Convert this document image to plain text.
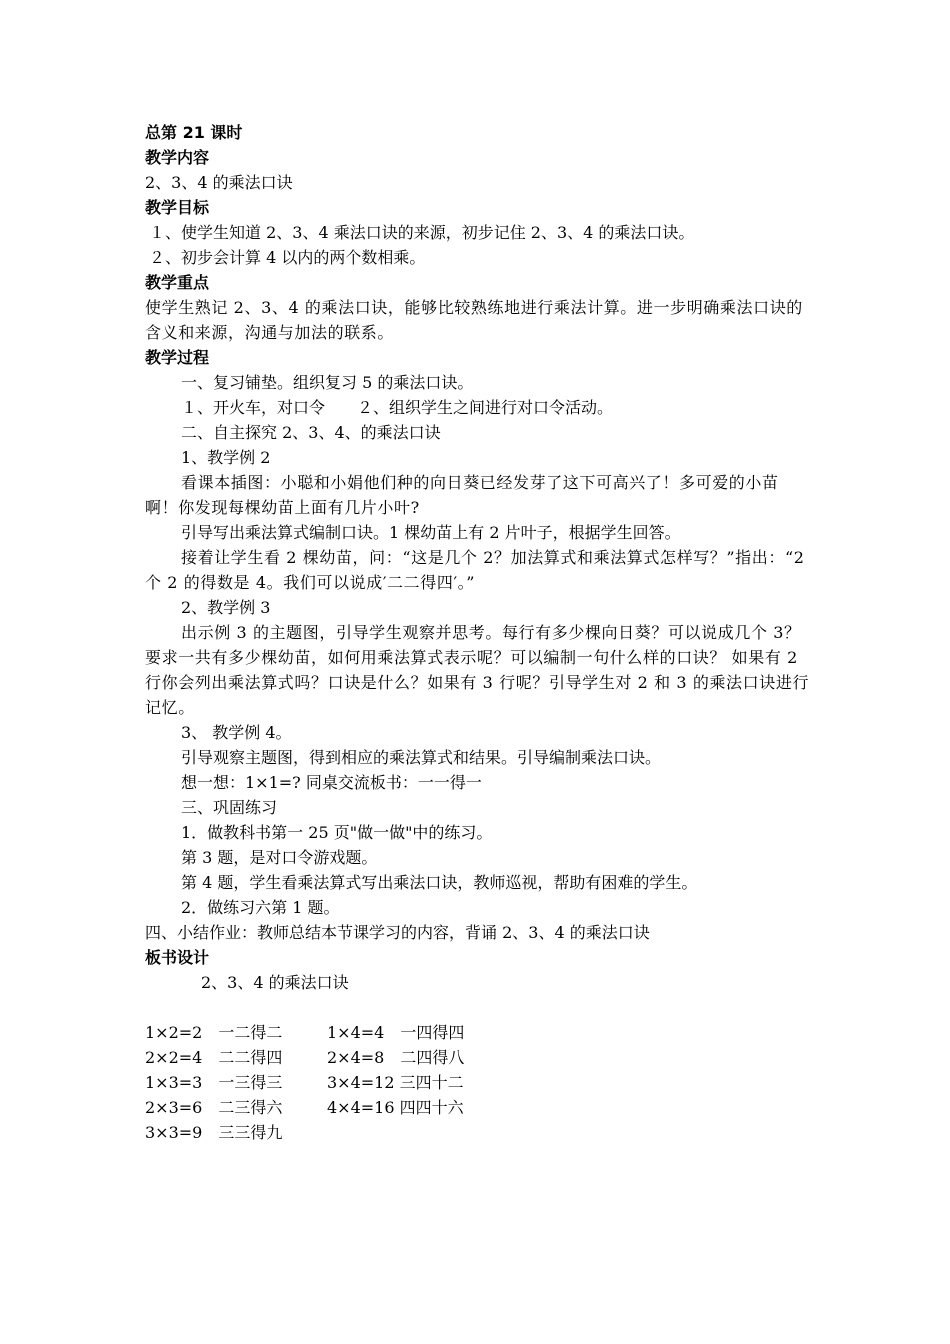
总第 21 课时
教学内容
2、3、4 的乘法口诀
教学目标
１、使学生知道 2、3、4 乘法口诀的来源，初步记住 2、3、4 的乘法口诀。
２、初步会计算 4 以内的两个数相乘。
教学重点
使学生熟记 2、3、4 的乘法口诀，能够比较熟练地进行乘法计算。进一步明确乘法口诀的含义和来源，沟通与加法的联系。
教学过程
一、复习铺垫。组织复习 5 的乘法口诀。
１、开火车，对口令　　２、组织学生之间进行对口令活动。
二、自主探究 2、3、4、的乘法口诀
1、教学例 2
看课本插图：小聪和小娟他们种的向日葵已经发芽了这下可高兴了！多可爱的小苗啊！你发现每棵幼苗上面有几片小叶?
引导写出乘法算式编制口诀。1 棵幼苗上有 2 片叶子，根据学生回答。
接着让学生看 2 棵幼苗，问：“这是几个 2？加法算式和乘法算式怎样写？”指出：“2 个 2 的得数是 4。我们可以说成′二二得四′。”
2、教学例 3
出示例 3 的主题图，引导学生观察并思考。每行有多少棵向日葵？可以说成几个 3？要求一共有多少棵幼苗，如何用乘法算式表示呢？可以编制一句什么样的口诀？ 如果有 2 行你会列出乘法算式吗？口诀是什么？如果有 3 行呢？引导学生对 2 和 3 的乘法口诀进行记忆。
3、 教学例 4。
引导观察主题图，得到相应的乘法算式和结果。引导编制乘法口诀。
想一想：1×1=? 同桌交流板书：一一得一
三、巩固练习
1．做教科书第一 25 页"做一做"中的练习。
第 3 题，是对口令游戏题。
第 4 题，学生看乘法算式写出乘法口诀，教师巡视，帮助有困难的学生。
2．做练习六第 1 题。
四、小结作业：教师总结本节课学习的内容，背诵 2、3、4 的乘法口诀
板书设计
2、3、4 的乘法口诀
1×2=2　一二得二	1×4=4　一四得四
2×2=4　二二得四	2×4=8　二四得八
1×3=3　一三得三	3×4=12 三四十二
2×3=6　二三得六	4×4=16 四四十六
3×3=9　三三得九
